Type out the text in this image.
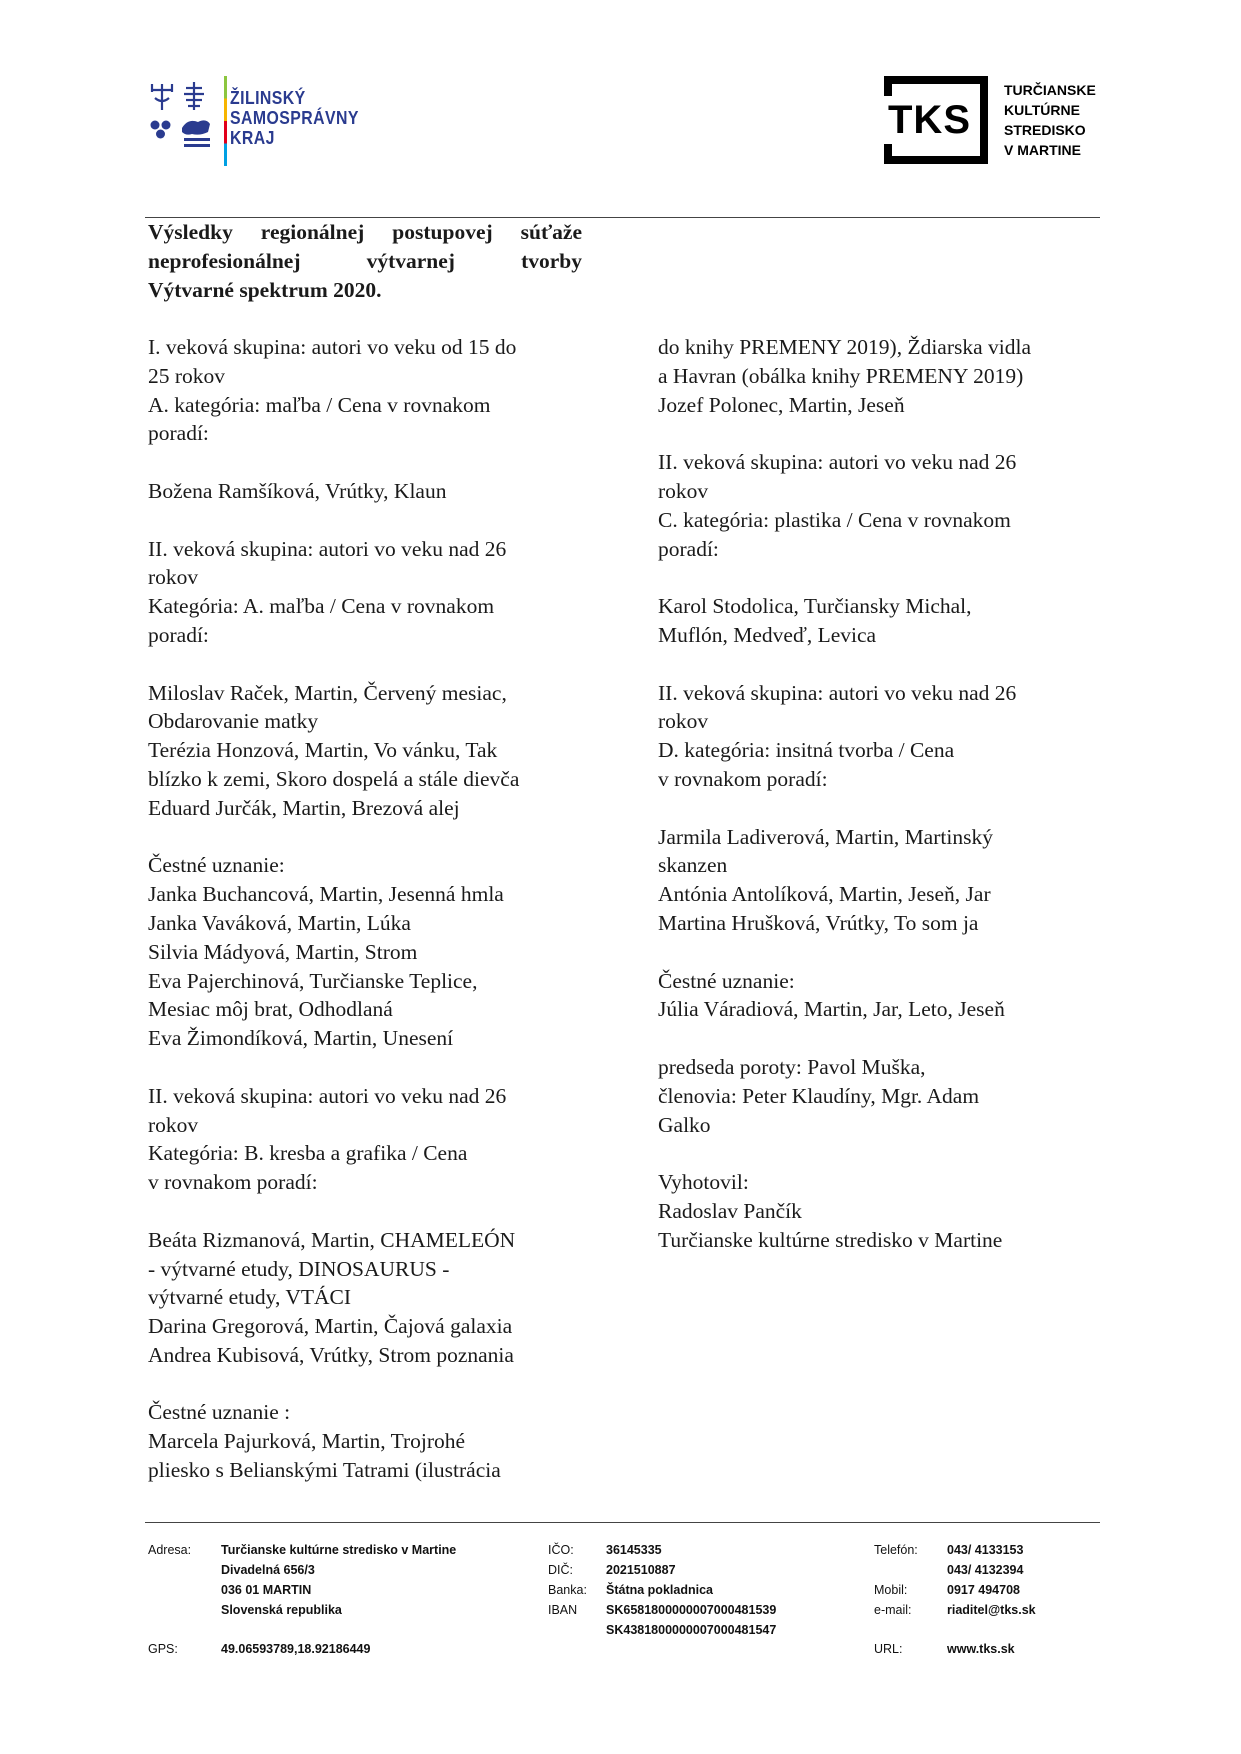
ŽILINSKÝ
SAMOSPRÁVNY
KRAJ	TKS
TURČIANSKE
KULTÚRNE
STREDISKO
V MARTINE

Výsledky regionálnej postupovej súťaže
neprofesionálnej výtvarnej tvorby
Výtvarné spektrum 2020.

I. veková skupina: autori vo veku od 15 do
25 rokov
A. kategória: maľba / Cena v rovnakom
poradí:

Božena Ramšíková, Vrútky, Klaun

II. veková skupina: autori vo veku nad 26
rokov
Kategória: A. maľba / Cena v rovnakom
poradí:

Miloslav Raček, Martin, Červený mesiac,
Obdarovanie matky
Terézia Honzová, Martin, Vo vánku, Tak
blízko k zemi, Skoro dospelá a stále dievča
Eduard Jurčák, Martin, Brezová alej

Čestné uznanie:
Janka Buchancová, Martin, Jesenná hmla
Janka Vaváková, Martin, Lúka
Silvia Mádyová, Martin, Strom
Eva Pajerchinová, Turčianske Teplice,
Mesiac môj brat, Odhodlaná
Eva Žimondíková, Martin, Unesení

II. veková skupina: autori vo veku nad 26
rokov
Kategória: B. kresba a grafika / Cena
v rovnakom poradí:

Beáta Rizmanová, Martin, CHAMELEÓN
- výtvarné etudy, DINOSAURUS -
výtvarné etudy, VTÁCI
Darina Gregorová, Martin, Čajová galaxia
Andrea Kubisová, Vrútky, Strom poznania

Čestné uznanie :
Marcela Pajurková, Martin, Trojrohé
pliesko s Belianskými Tatrami (ilustrácia

do knihy PREMENY 2019), Ždiarska vidla
a Havran (obálka knihy PREMENY 2019)
Jozef Polonec, Martin, Jeseň

II. veková skupina: autori vo veku nad 26
rokov
C. kategória: plastika / Cena v rovnakom
poradí:

Karol Stodolica, Turčiansky Michal,
Muflón, Medveď, Levica

II. veková skupina: autori vo veku nad 26
rokov
D. kategória: insitná tvorba / Cena
v rovnakom poradí:

Jarmila Ladiverová, Martin, Martinský
skanzen
Antónia Antolíková, Martin, Jeseň, Jar
Martina Hrušková, Vrútky, To som ja

Čestné uznanie:
Júlia Váradiová, Martin, Jar, Leto, Jeseň

predseda poroty: Pavol Muška,
členovia: Peter Klaudíny, Mgr. Adam
Galko

Vyhotovil:
Radoslav Pančík
Turčianske kultúrne stredisko v Martine

Adresa: Turčianske kultúrne stredisko v Martine
Divadelná 656/3
036 01 MARTIN
Slovenská republika
GPS:	49.06593789,18.92186449
IČO:	36145335
DIČ:	2021510887
Banka: Štátna pokladnica
IBAN SK6581800000007000481539
SK4381800000007000481547
Telefón: 043/ 4133153
043/ 4132394
Mobil:	0917 494708
e-mail:	riaditel@tks.sk
URL:	www.tks.sk
